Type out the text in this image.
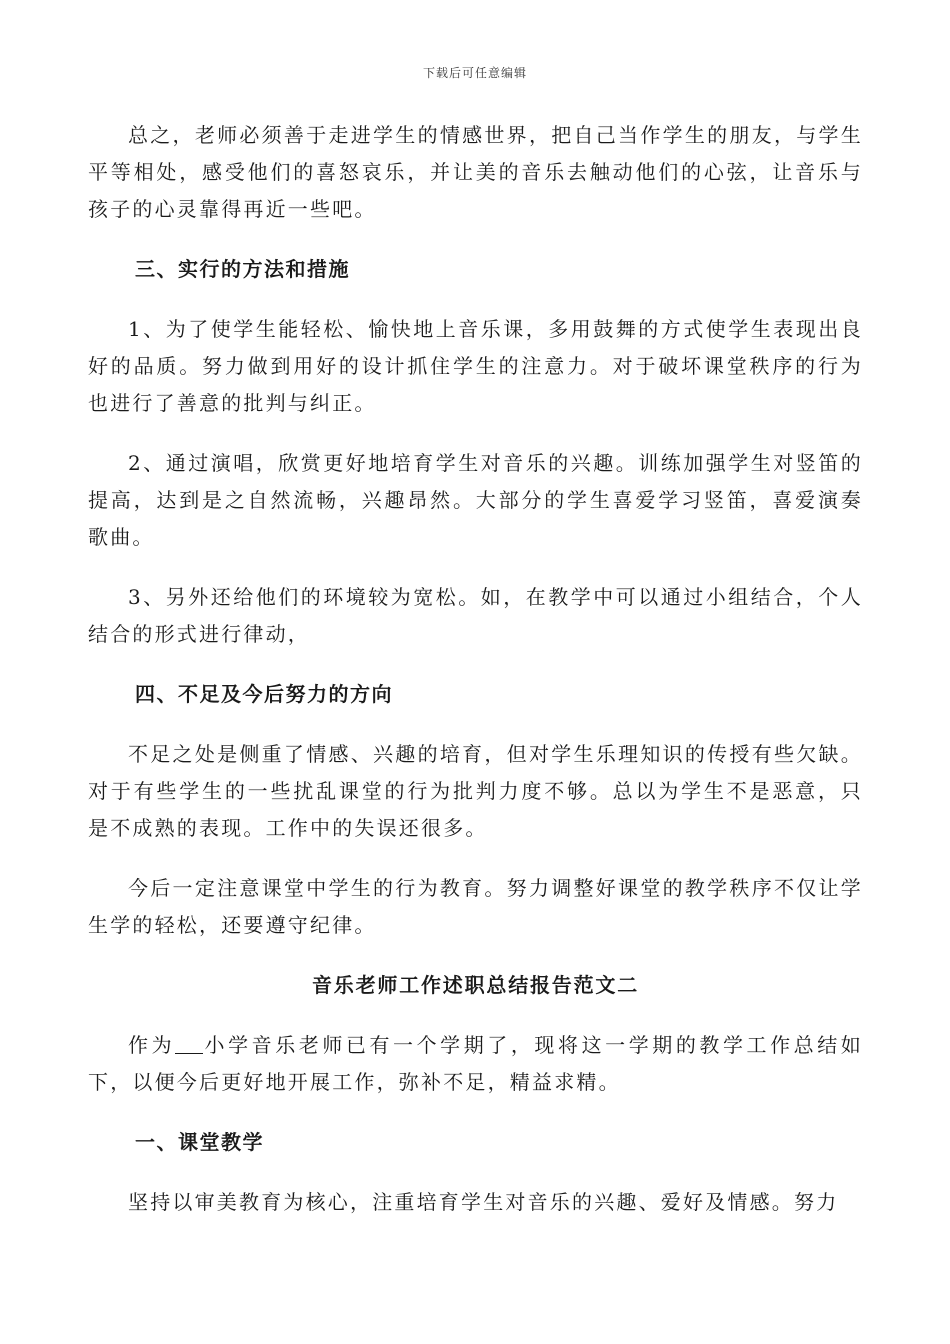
下载后可任意编辑

总之，老师必须善于走进学生的情感世界，把自己当作学生的朋友，与学生平等相处，感受他们的喜怒哀乐，并让美的音乐去触动他们的心弦，让音乐与孩子的心灵靠得再近一些吧。

三、实行的方法和措施

1、为了使学生能轻松、愉快地上音乐课，多用鼓舞的方式使学生表现出良好的品质。努力做到用好的设计抓住学生的注意力。对于破坏课堂秩序的行为也进行了善意的批判与纠正。

2、通过演唱，欣赏更好地培育学生对音乐的兴趣。训练加强学生对竖笛的提高，达到是之自然流畅，兴趣昂然。大部分的学生喜爱学习竖笛，喜爱演奏歌曲。

3、另外还给他们的环境较为宽松。如，在教学中可以通过小组结合，个人结合的形式进行律动，

四、不足及今后努力的方向

不足之处是侧重了情感、兴趣的培育，但对学生乐理知识的传授有些欠缺。对于有些学生的一些扰乱课堂的行为批判力度不够。总以为学生不是恶意，只是不成熟的表现。工作中的失误还很多。

今后一定注意课堂中学生的行为教育。努力调整好课堂的教学秩序不仅让学生学的轻松，还要遵守纪律。

音乐老师工作述职总结报告范文二

作为 小学音乐老师已有一个学期了，现将这一学期的教学工作总结如下，以便今后更好地开展工作，弥补不足，精益求精。

一、课堂教学

坚持以审美教育为核心，注重培育学生对音乐的兴趣、爱好及情感。努力
